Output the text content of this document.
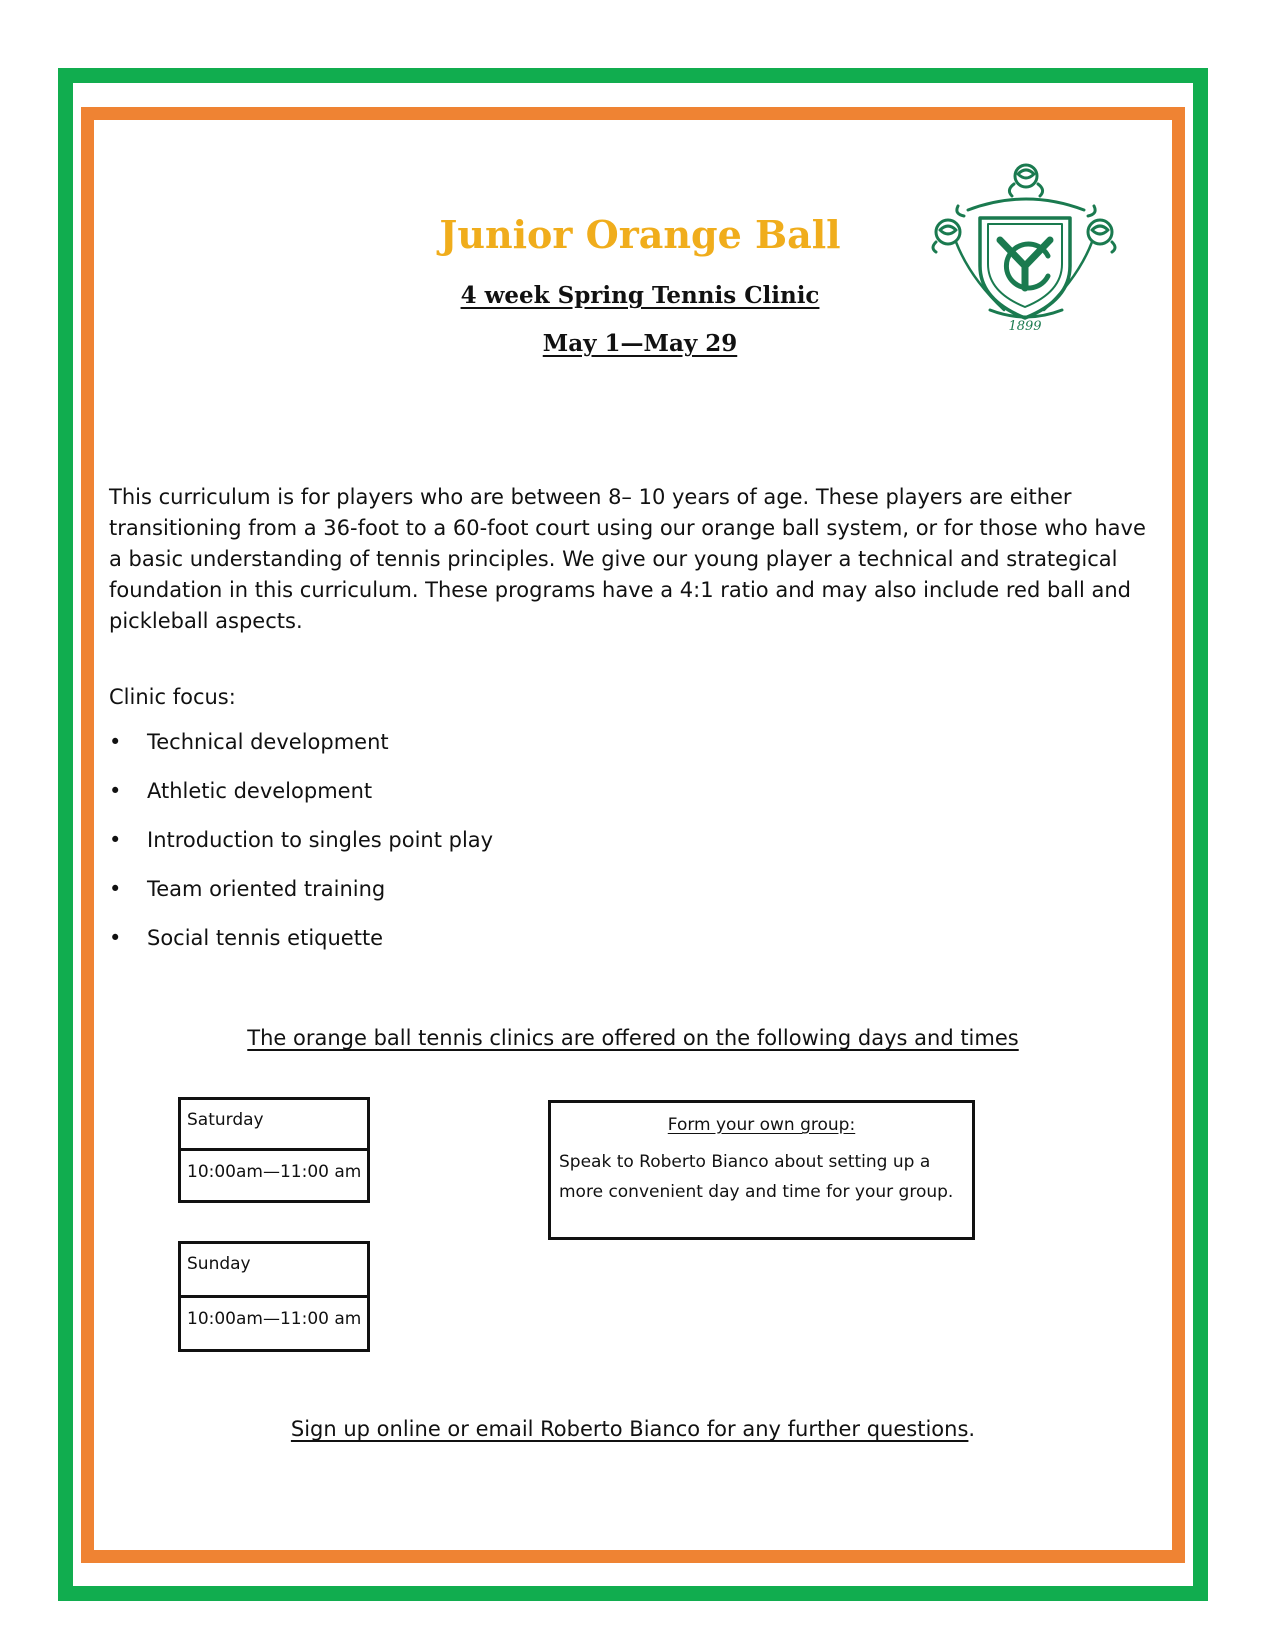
Junior Orange Ball
4 week Spring Tennis Clinic
May 1—May 29
1899

This curriculum is for players who are between 8– 10 years of age. These players are either transitioning from a 36-foot to a 60-foot court using our orange ball system, or for those who have a basic understanding of tennis principles. We give our young player a technical and strategical foundation in this curriculum. These programs have a 4:1 ratio and may also include red ball and pickleball aspects.

Clinic focus:

• Technical development
• Athletic development
• Introduction to singles point play
• Team oriented training
• Social tennis etiquette
The orange ball tennis clinics are offered on the following days and times
Saturday
10:00am—11:00 am
Sunday
10:00am—11:00 am
Form your own group:
Speak to Roberto Bianco about setting up a more convenient day and time for your group.
Sign up online or email Roberto Bianco for any further questions.
